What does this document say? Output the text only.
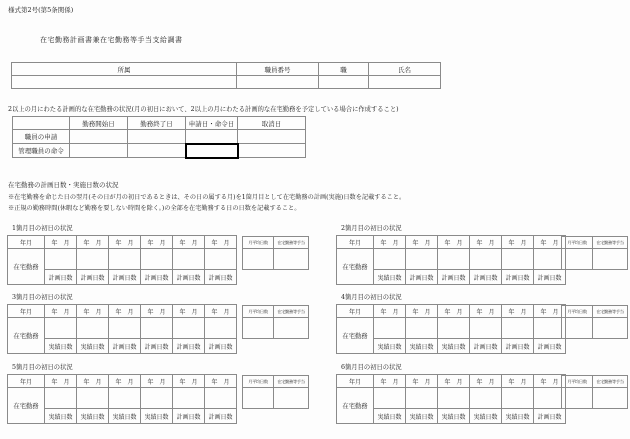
様式第2号(第5条関係)
在宅勤務計画書兼在宅勤務等手当支給調書
所属	職員番号	職	氏名

2以上の月にわたる計画的な在宅勤務の状況(月の初日において、2以上の月にわたる計画的な在宅勤務を予定している場合に作成すること)
	勤務開始日	勤務終了日	申請日・命令日	取消日
職員の申請				
管理職員の命令				
在宅勤務の計画日数・実施日数の状況
※在宅勤務を命じた日の翌月(その日が月の初日であるときは、その日の属する月)を1箇月目として在宅勤務の計画(実施)日数を記載すること。
※正規の勤務時間(休暇など勤務を要しない時間を除く。)の全部を在宅勤務する日の日数を記載すること。
1箇月目の初日の状況
年月	年　月	年　月	年　月	年　月	年　月	年　月
在宅勤務						
	計画日数	計画日数	計画日数	計画日数	計画日数	計画日数
2箇月目の初日の状況
年月	年　月	年　月	年　月	年　月	年　月	年　月
在宅勤務						
	実績日数	計画日数	計画日数	計画日数	計画日数	計画日数
3箇月目の初日の状況
年月	年　月	年　月	年　月	年　月	年　月	年　月
在宅勤務						
	実績日数	実績日数	計画日数	計画日数	計画日数	計画日数
4箇月目の初日の状況
年月	年　月	年　月	年　月	年　月	年　月	年　月
在宅勤務						
	実績日数	実績日数	実績日数	計画日数	計画日数	計画日数
5箇月目の初日の状況
年月	年　月	年　月	年　月	年　月	年　月	年　月
在宅勤務						
	実績日数	実績日数	実績日数	実績日数	計画日数	計画日数
6箇月目の初日の状況
年月	年　月	年　月	年　月	年　月	年　月	年　月
在宅勤務						
	実績日数	実績日数	実績日数	実績日数	実績日数	計画日数
月平均日数	在宅勤務等手当
		月平均日数	在宅勤務等手当

月平均日数	在宅勤務等手当
		月平均日数	在宅勤務等手当

月平均日数	在宅勤務等手当
		月平均日数	在宅勤務等手当
